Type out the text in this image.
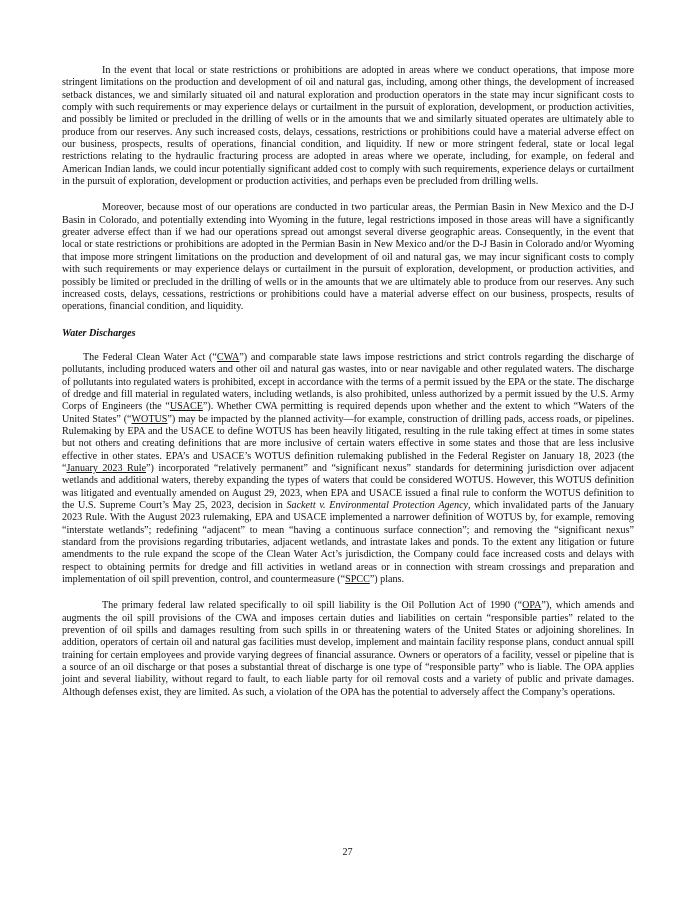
In the event that local or state restrictions or prohibitions are adopted in areas where we conduct operations, that impose more stringent limitations on the production and development of oil and natural gas, including, among other things, the development of increased setback distances, we and similarly situated oil and natural exploration and production operators in the state may incur significant costs to comply with such requirements or may experience delays or curtailment in the pursuit of exploration, development, or production activities, and possibly be limited or precluded in the drilling of wells or in the amounts that we and similarly situated operates are ultimately able to produce from our reserves. Any such increased costs, delays, cessations, restrictions or prohibitions could have a material adverse effect on our business, prospects, results of operations, financial condition, and liquidity. If new or more stringent federal, state or local legal restrictions relating to the hydraulic fracturing process are adopted in areas where we operate, including, for example, on federal and American Indian lands, we could incur potentially significant added cost to comply with such requirements, experience delays or curtailment in the pursuit of exploration, development or production activities, and perhaps even be precluded from drilling wells.

Moreover, because most of our operations are conducted in two particular areas, the Permian Basin in New Mexico and the D-J Basin in Colorado, and potentially extending into Wyoming in the future, legal restrictions imposed in those areas will have a significantly greater adverse effect than if we had our operations spread out amongst several diverse geographic areas. Consequently, in the event that local or state restrictions or prohibitions are adopted in the Permian Basin in New Mexico and/or the D-J Basin in Colorado and/or Wyoming that impose more stringent limitations on the production and development of oil and natural gas, we may incur significant costs to comply with such requirements or may experience delays or curtailment in the pursuit of exploration, development, or production activities, and possibly be limited or precluded in the drilling of wells or in the amounts that we are ultimately able to produce from our reserves. Any such increased costs, delays, cessations, restrictions or prohibitions could have a material adverse effect on our business, prospects, results of operations, financial condition, and liquidity.

Water Discharges

The Federal Clean Water Act (“CWA”) and comparable state laws impose restrictions and strict controls regarding the discharge of pollutants, including produced waters and other oil and natural gas wastes, into or near navigable and other regulated waters. The discharge of pollutants into regulated waters is prohibited, except in accordance with the terms of a permit issued by the EPA or the state. The discharge of dredge and fill material in regulated waters, including wetlands, is also prohibited, unless authorized by a permit issued by the U.S. Army Corps of Engineers (the “USACE”). Whether CWA permitting is required depends upon whether and the extent to which “Waters of the United States” (“WOTUS”) may be impacted by the planned activity—for example, construction of drilling pads, access roads, or pipelines. Rulemaking by EPA and the USACE to define WOTUS has been heavily litigated, resulting in the rule taking effect at times in some states but not others and creating definitions that are more inclusive of certain waters effective in some states and those that are less inclusive effective in other states. EPA’s and USACE’s WOTUS definition rulemaking published in the Federal Register on January 18, 2023 (the “January 2023 Rule”) incorporated “relatively permanent” and “significant nexus” standards for determining jurisdiction over adjacent wetlands and additional waters, thereby expanding the types of waters that could be considered WOTUS. However, this WOTUS definition was litigated and eventually amended on August 29, 2023, when EPA and USACE issued a final rule to conform the WOTUS definition to the U.S. Supreme Court’s May 25, 2023, decision in Sackett v. Environmental Protection Agency, which invalidated parts of the January 2023 Rule. With the August 2023 rulemaking, EPA and USACE implemented a narrower definition of WOTUS by, for example, removing “interstate wetlands”; redefining “adjacent” to mean “having a continuous surface connection”; and removing the “significant nexus” standard from the provisions regarding tributaries, adjacent wetlands, and intrastate lakes and ponds. To the extent any litigation or future amendments to the rule expand the scope of the Clean Water Act’s jurisdiction, the Company could face increased costs and delays with respect to obtaining permits for dredge and fill activities in wetland areas or in connection with stream crossings and preparation and implementation of oil spill prevention, control, and countermeasure (“SPCC”) plans.

The primary federal law related specifically to oil spill liability is the Oil Pollution Act of 1990 (“OPA”), which amends and augments the oil spill provisions of the CWA and imposes certain duties and liabilities on certain “responsible parties” related to the prevention of oil spills and damages resulting from such spills in or threatening waters of the United States or adjoining shorelines. In addition, operators of certain oil and natural gas facilities must develop, implement and maintain facility response plans, conduct annual spill training for certain employees and provide varying degrees of financial assurance. Owners or operators of a facility, vessel or pipeline that is a source of an oil discharge or that poses a substantial threat of discharge is one type of “responsible party” who is liable. The OPA applies joint and several liability, without regard to fault, to each liable party for oil removal costs and a variety of public and private damages. Although defenses exist, they are limited. As such, a violation of the OPA has the potential to adversely affect the Company’s operations.

27
